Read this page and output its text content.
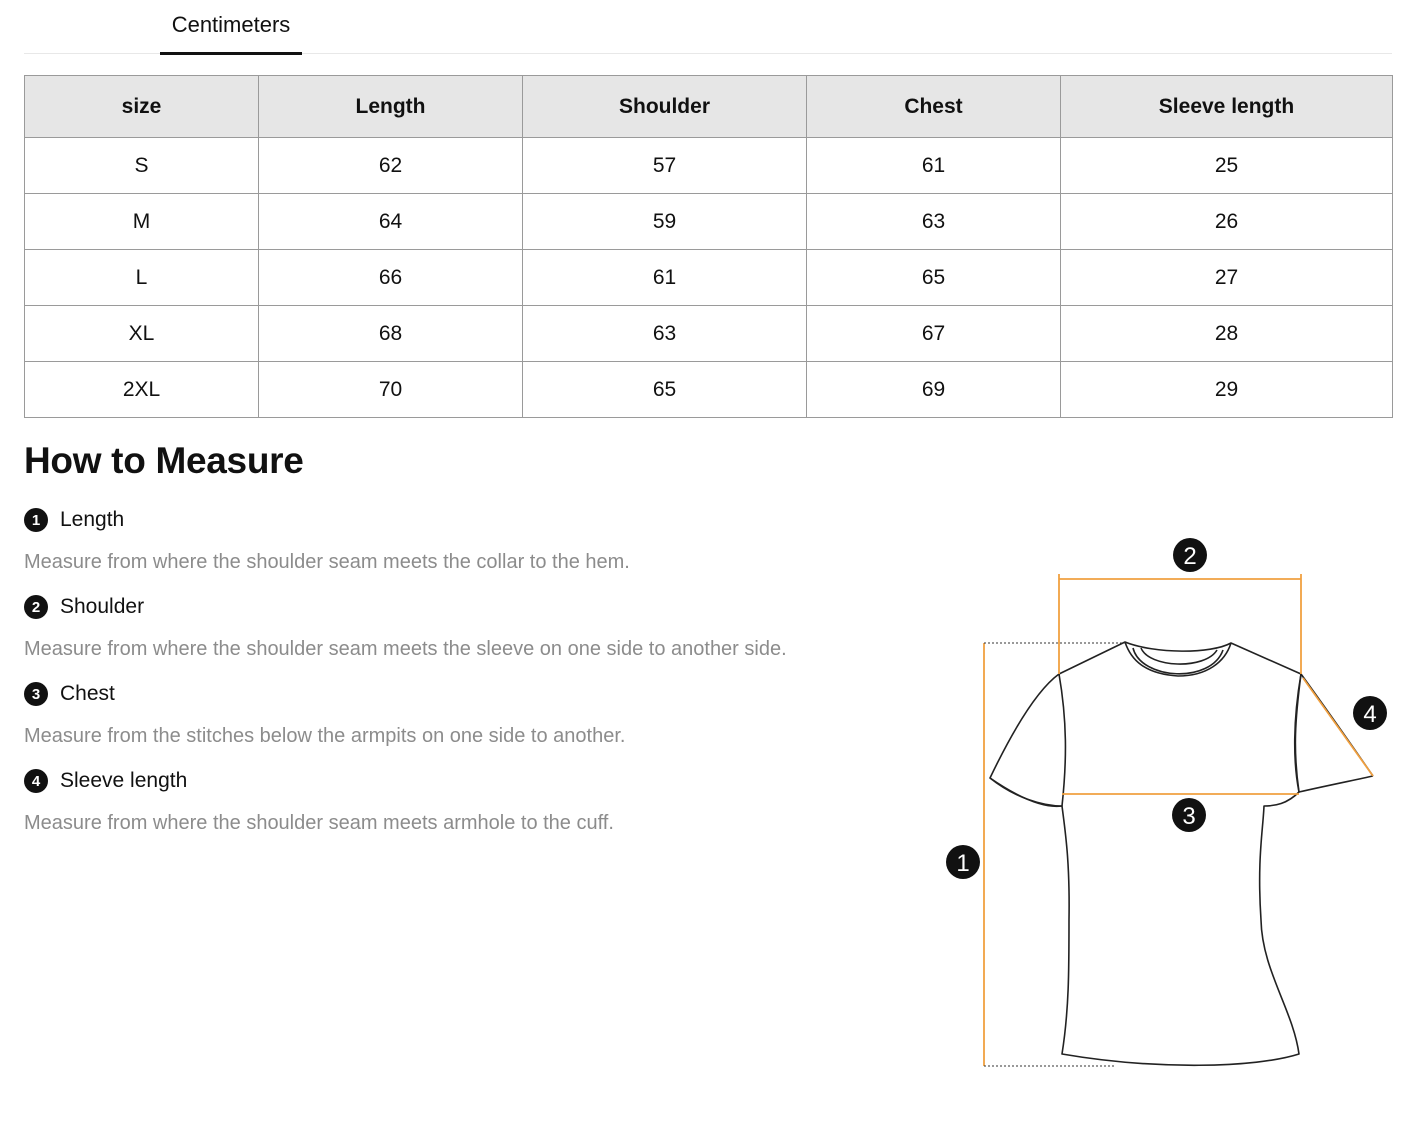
Centimeters
size	Length	Shoulder	Chest	Sleeve length
S	62	57	61	25
M	64	59	63	26
L	66	61	65	27
XL	68	63	67	28
2XL	70	65	69	29
How to Measure
1 Length
Measure from where the shoulder seam meets the collar to the hem.
2 Shoulder
Measure from where the shoulder seam meets the sleeve on one side to another side.
3 Chest
Measure from the stitches below the armpits on one side to another.
4 Sleeve length
Measure from where the shoulder seam meets armhole to the cuff.
1
2
3
4
